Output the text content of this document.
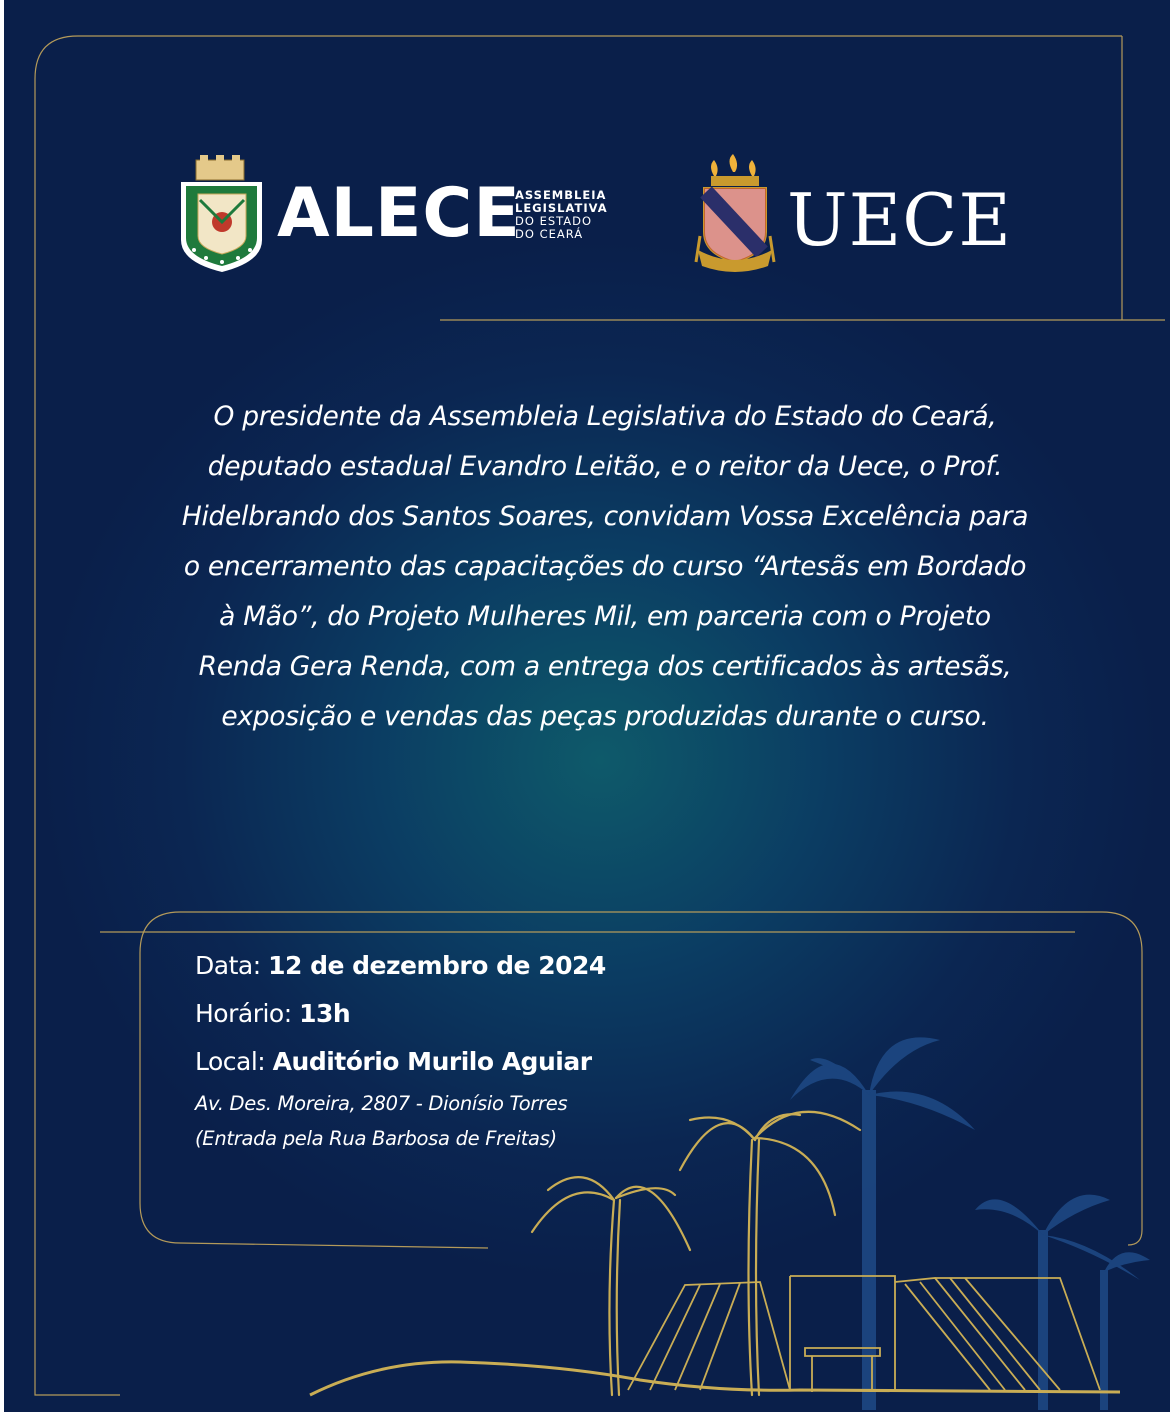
ALECE
ASSEMBLEIA
LEGISLATIVA
DO ESTADO
DO CEARÁ	UECE
O presidente da Assembleia Legislativa do Estado do Ceará,
deputado estadual Evandro Leitão, e o reitor da Uece, o Prof.
Hidelbrando dos Santos Soares, convidam Vossa Excelência para
o encerramento das capacitações do curso “Artesãs em Bordado
à Mão”, do Projeto Mulheres Mil, em parceria com o Projeto
Renda Gera Renda, com a entrega dos certificados às artesãs,
exposição e vendas das peças produzidas durante o curso.
Data: 12 de dezembro de 2024
Horário: 13h
Local: Auditório Murilo Aguiar
Av. Des. Moreira, 2807 - Dionísio Torres
(Entrada pela Rua Barbosa de Freitas)
